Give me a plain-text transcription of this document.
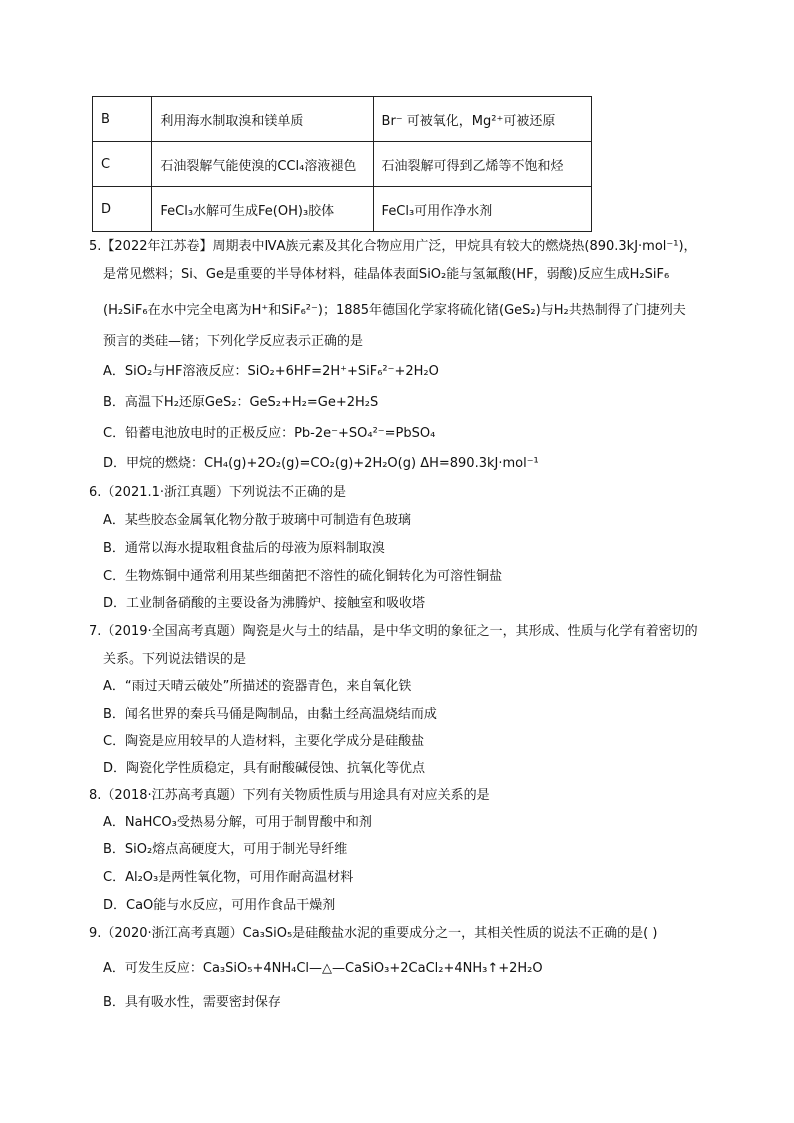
B	利用海水制取溴和镁单质	Br⁻ 可被氧化，Mg²⁺可被还原
C	石油裂解气能使溴的CCl₄溶液褪色	石油裂解可得到乙烯等不饱和烃
D	FeCl₃水解可生成Fe(OH)₃胶体	FeCl₃可用作净水剂
5.【2022年江苏卷】周期表中ⅣA族元素及其化合物应用广泛，甲烷具有较大的燃烧热(890.3kJ·mol⁻¹)，
是常见燃料；Si、Ge是重要的半导体材料，硅晶体表面SiO₂能与氢氟酸(HF，弱酸)反应生成H₂SiF₆
(H₂SiF₆在水中完全电离为H⁺和SiF₆²⁻)；1885年德国化学家将硫化锗(GeS₂)与H₂共热制得了门捷列夫
预言的类硅—锗；下列化学反应表示正确的是
A．SiO₂与HF溶液反应：SiO₂+6HF=2H⁺+SiF₆²⁻+2H₂O
B．高温下H₂还原GeS₂：GeS₂+H₂=Ge+2H₂S
C．铅蓄电池放电时的正极反应：Pb-2e⁻+SO₄²⁻=PbSO₄
D．甲烷的燃烧：CH₄(g)+2O₂(g)=CO₂(g)+2H₂O(g) ΔH=890.3kJ·mol⁻¹
6.（2021.1·浙江真题）下列说法不正确的是
A．某些胶态金属氧化物分散于玻璃中可制造有色玻璃
B．通常以海水提取粗食盐后的母液为原料制取溴
C．生物炼铜中通常利用某些细菌把不溶性的硫化铜转化为可溶性铜盐
D．工业制备硝酸的主要设备为沸腾炉、接触室和吸收塔
7.（2019·全国高考真题）陶瓷是火与土的结晶，是中华文明的象征之一，其形成、性质与化学有着密切的
关系。下列说法错误的是
A．“雨过天晴云破处”所描述的瓷器青色，来自氧化铁
B．闻名世界的秦兵马俑是陶制品，由黏土经高温烧结而成
C．陶瓷是应用较早的人造材料，主要化学成分是硅酸盐
D．陶瓷化学性质稳定，具有耐酸碱侵蚀、抗氧化等优点
8.（2018·江苏高考真题）下列有关物质性质与用途具有对应关系的是
A．NaHCO₃受热易分解，可用于制胃酸中和剂
B．SiO₂熔点高硬度大，可用于制光导纤维
C．Al₂O₃是两性氧化物，可用作耐高温材料
D．CaO能与水反应，可用作食品干燥剂
9.（2020·浙江高考真题）Ca₃SiO₅是硅酸盐水泥的重要成分之一，其相关性质的说法不正确的是( )
A．可发生反应：Ca₃SiO₅+4NH₄Cl—△—CaSiO₃+2CaCl₂+4NH₃↑+2H₂O
B．具有吸水性，需要密封保存
